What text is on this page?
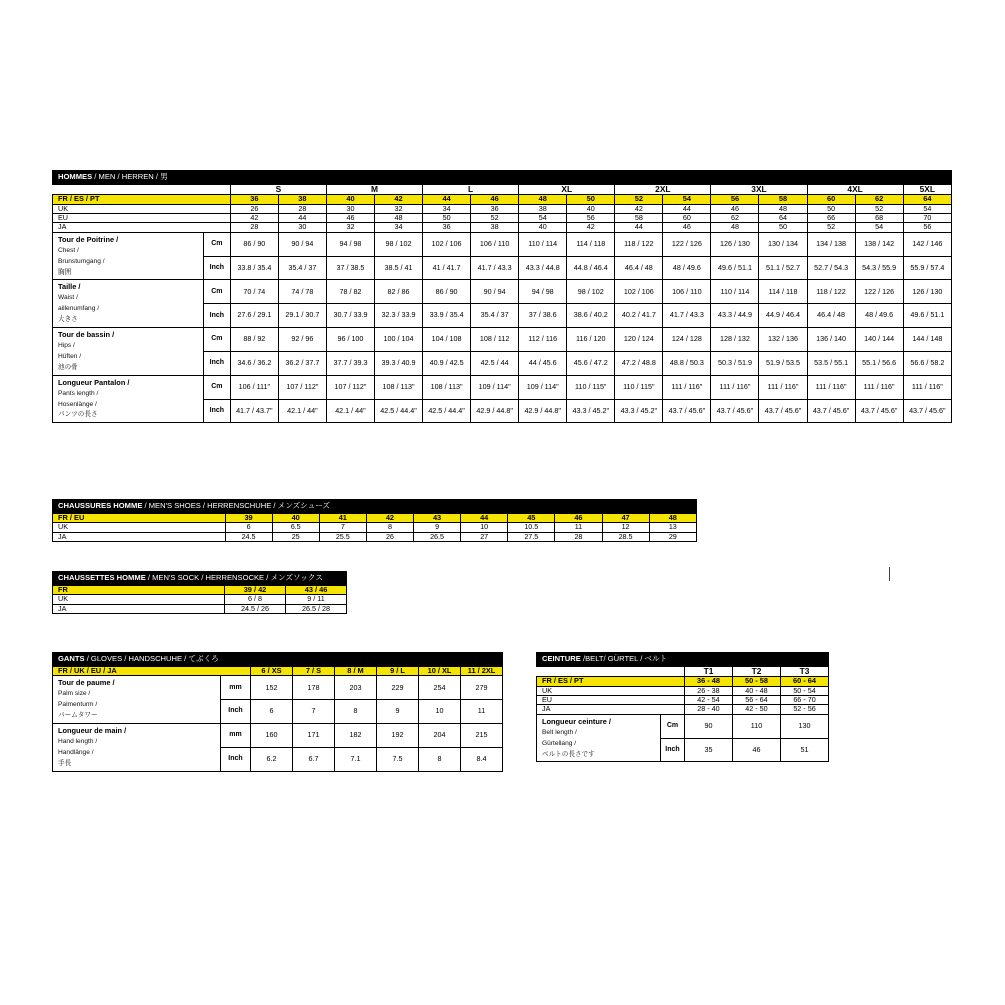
HOMMES / MEN / HERREN / 男																
		S		M		L		XL		2XL		3XL		4XL		5XL
FR / ES / PT		36	38	40	42	44	46	48	50	52	54	56	58	60	62	64
UK		26	28	30	32	34	36	38	40	42	44	46	48	50	52	54
EU		42	44	46	48	50	52	54	56	58	60	62	64	66	68	70
JA		28	30	32	34	36	38	40	42	44	46	48	50	52	54	56
Tour de Poitrine /
Chest /
Brunstumgang /
胸囲	Cm	86 / 90	90 / 94	94 / 98	98 / 102	102 / 106	106 / 110	110 / 114	114 / 118	118 / 122	122 / 126	126 / 130	130 / 134	134 / 138	138 / 142	142 / 146
	Inch	33.8 / 35.4	35.4 / 37	37 / 38.5	38.5 / 41	41 / 41.7	41.7 / 43.3	43.3 / 44.8	44.8 / 46.4	46.4 / 48	48 / 49.6	49.6 / 51.1	51.1 / 52.7	52.7 / 54.3	54.3 / 55.9	55.9 / 57.4
Taille /
Waist /
aillenumfang /
大きさ	Cm	70 / 74	74 / 78	78 / 82	82 / 86	86 / 90	90 / 94	94 / 98	98 / 102	102 / 106	106 / 110	110 / 114	114 / 118	118 / 122	122 / 126	126 / 130
	Inch	27.6 / 29.1	29.1 / 30.7	30.7 / 33.9	32.3 / 33.9	33.9 / 35.4	35.4 / 37	37 / 38.6	38.6 / 40.2	40.2 / 41.7	41.7 / 43.3	43.3 / 44.9	44.9 / 46.4	46.4 / 48	48 / 49.6	49.6 / 51.1
Tour de bassin /
Hips /
Hüften /
池の骨	Cm	88 / 92	92 / 96	96 / 100	100 / 104	104 / 108	108 / 112	112 / 116	116 / 120	120 / 124	124 / 128	128 / 132	132 / 136	136 / 140	140 / 144	144 / 148
	Inch	34.6 / 36.2	36.2 / 37.7	37.7 / 39.3	39.3 / 40.9	40.9 / 42.5	42.5 / 44	44 / 45.6	45.6 / 47.2	47.2 / 48.8	48.8 / 50.3	50.3 / 51.9	51.9 / 53.5	53.5 / 55.1	55.1 / 56.6	56.6 / 58.2
Longueur Pantalon /
Pants length /
Hosenlänge /
パンツの長さ	Cm	106 / 111"	107 / 112"	107 / 112"	108 / 113"	108 / 113"	109 / 114"	109 / 114"	110 / 115"	110 / 115"	111 / 116"	111 / 116"	111 / 116"	111 / 116"	111 / 116"	111 / 116"
	Inch	41.7 / 43.7"	42.1 / 44"	42.1 / 44"	42.5 / 44.4"	42.5 / 44.4"	42.9 / 44.8"	42.9 / 44.8"	43.3 / 45.2"	43.3 / 45.2"	43.7 / 45.6"	43.7 / 45.6"	43.7 / 45.6"	43.7 / 45.6"	43.7 / 45.6"	43.7 / 45.6"
CHAUSSURES HOMME / MEN'S SHOES / HERRENSCHUHE / メンズシューズ										
FR / EU	39	40	41	42	43	44	45	46	47	48
UK	6	6.5	7	8	9	10	10.5	11	12	13
JA	24.5	25	25.5	26	26.5	27	27.5	28	28.5	29
CHAUSSETTES HOMME / MEN'S SOCK / HERRENSOCKE / メンズソックス		
FR	39 / 42	43 / 46
UK	6 / 8	9 / 11
JA	24.5 / 26	26.5 / 28
GANTS / GLOVES / HANDSCHUHE / てぶくろ							
FR / UK / EU / JA		6 / XS	7 / S	8 / M	9 / L	10 / XL	11 / 2XL
Tour de paume /
Palm size /
Palmenturm /
パームタワー	mm	152	178	203	229	254	279
	Inch	6	7	8	9	10	11
Longueur de main /
Hand length /
Handlänge /
手長	mm	160	171	182	192	204	215
	Inch	6.2	6.7	7.1	7.5	8	8.4
CEINTURE /BELT/ GÜRTEL / ベルト				
		T1	T2	T3
FR / ES / PT		36 - 48	50 - 58	60 - 64
UK		26 - 38	40 - 48	50 - 54
EU		42 - 54	56 - 64	66 - 70
JA		28 - 40	42 - 50	52 - 56
Longueur ceinture /
Belt length /
Gürtellang /
ベルトの長さです	Cm	90	110	130
	Inch	35	46	51
